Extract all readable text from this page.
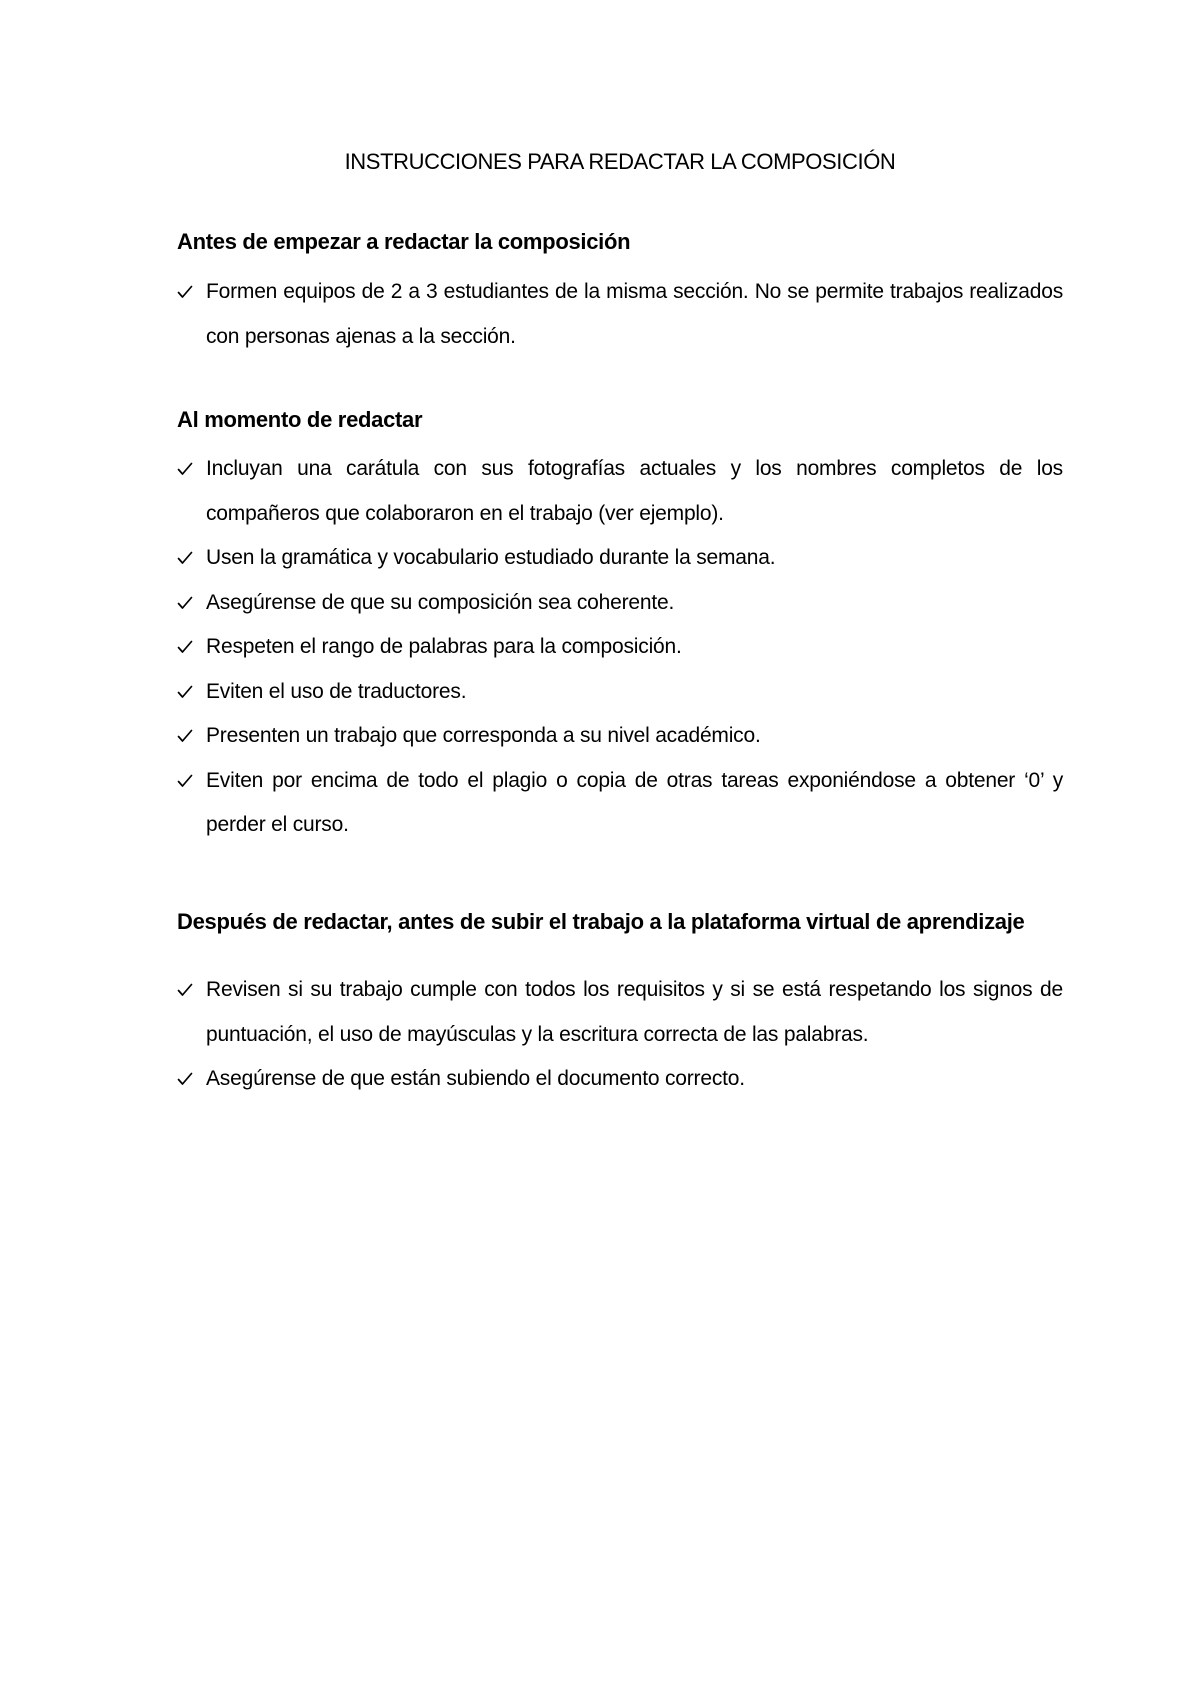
INSTRUCCIONES PARA REDACTAR LA COMPOSICIÓN
Antes de empezar a redactar la composición
Formen equipos de 2 a 3 estudiantes de la misma sección. No se permite trabajos realizados con personas ajenas a la sección.
Al momento de redactar
Incluyan una carátula con sus fotografías actuales y los nombres completos de los compañeros que colaboraron en el trabajo (ver ejemplo).
Usen la gramática y vocabulario estudiado durante la semana.
Asegúrense de que su composición sea coherente.
Respeten el rango de palabras para la composición.
Eviten el uso de traductores.
Presenten un trabajo que corresponda a su nivel académico.
Eviten por encima de todo el plagio o copia de otras tareas exponiéndose a obtener ‘0’ y perder el curso.
Después de redactar, antes de subir el trabajo a la plataforma virtual de aprendizaje
Revisen si su trabajo cumple con todos los requisitos y si se está respetando los signos de puntuación, el uso de mayúsculas y la escritura correcta de las palabras.
Asegúrense de que están subiendo el documento correcto.
